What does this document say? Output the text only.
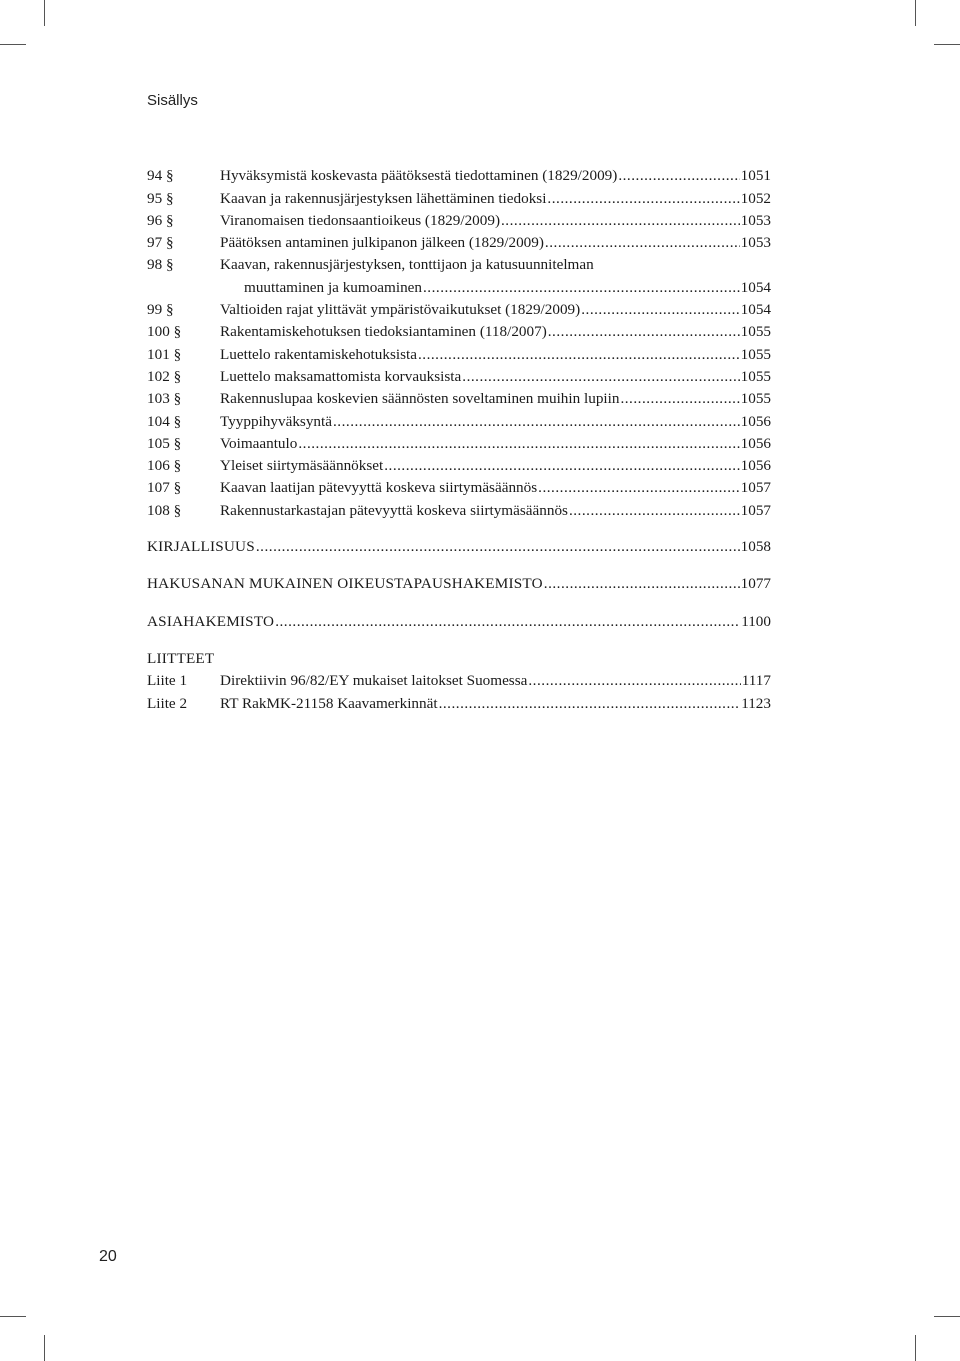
Sisällys
94 §	Hyväksymistä koskevasta päätöksestä tiedottaminen (1829/2009) .....	1051
95 §	Kaavan ja rakennusjärjestyksen lähettäminen tiedoksi .....	1052
96 §	Viranomaisen tiedonsaantioikeus (1829/2009) .....	1053
97 §	Päätöksen antaminen julkipanon jälkeen (1829/2009) .....	1053
98 §	Kaavan, rakennusjärjestyksen, tonttijaon ja katusuunnitelman
muuttaminen ja kumoaminen .....	1054
99 §	Valtioiden rajat ylittävät ympäristövaikutukset (1829/2009) .....	1054
100 §	Rakentamiskehotuksen tiedoksiantaminen (118/2007) .....	1055
101 §	Luettelo rakentamiskehotuksista .....	1055
102 §	Luettelo maksamattomista korvauksista .....	1055
103 §	Rakennuslupaa koskevien säännösten soveltaminen muihin lupiin .....	1055
104 §	Tyyppihyväksyntä .....	1056
105 §	Voimaantulo .....	1056
106 §	Yleiset siirtymäsäännökset .....	1056
107 §	Kaavan laatijan pätevyyttä koskeva siirtymäsäännös .....	1057
108 §	Rakennustarkastajan pätevyyttä koskeva siirtymäsäännös .....	1057
KIRJALLISUUS .....	1058
HAKUSANAN MUKAINEN OIKEUSTAPAUSHAKEMISTO .....	1077
ASIAHAKEMISTO .....	1100
LIITTEET
Liite 1	Direktiivin 96/82/EY mukaiset laitokset Suomessa .....	1117
Liite 2	RT RakMK-21158 Kaavamerkinnät .....	1123
20
